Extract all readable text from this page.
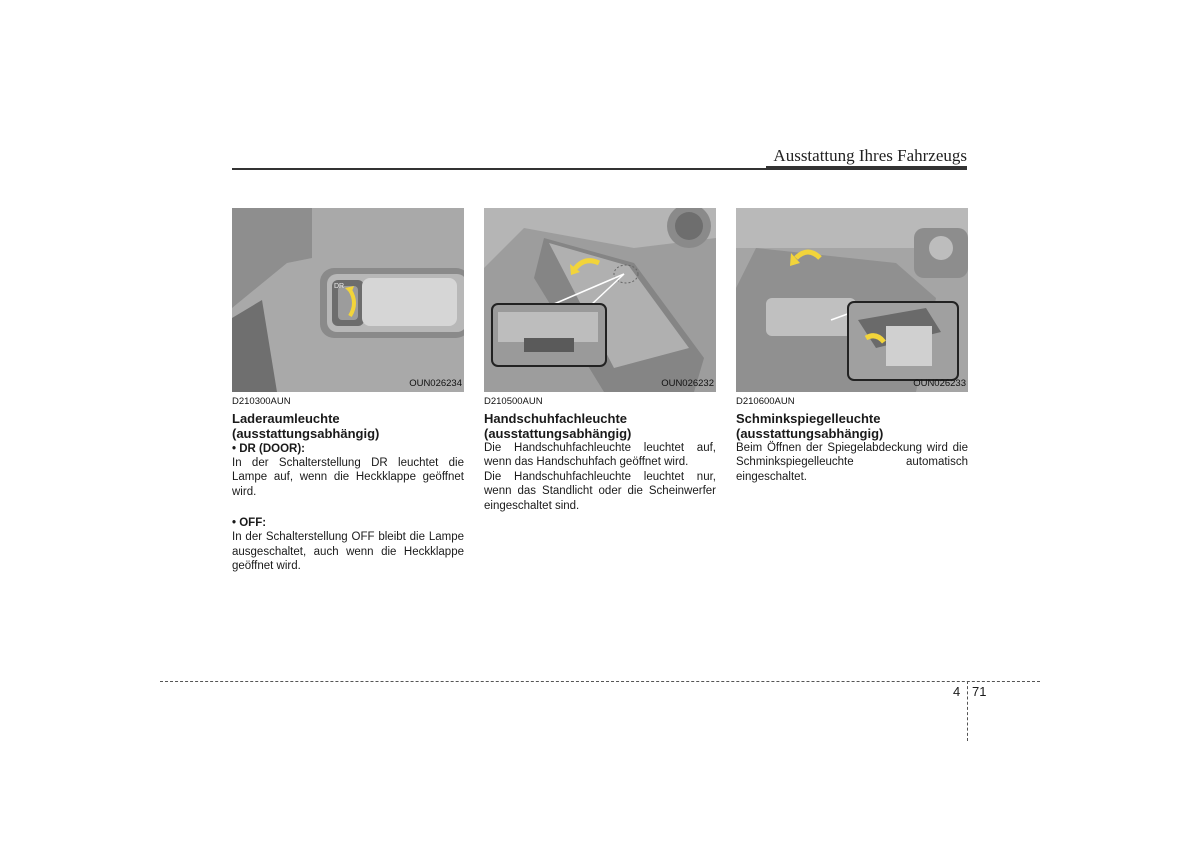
Ausstattung Ihres Fahrzeugs
DR
OUN026234
D210300AUN
Laderaumleuchte (ausstattungsabhängig)
• DR (DOOR):

In der Schalterstellung DR leuchtet die Lampe auf, wenn die Heckklappe geöffnet wird.

• OFF:

In der Schalterstellung OFF bleibt die Lampe ausgeschaltet, auch wenn die Heckklappe geöffnet wird.

OUN026232
D210500AUN
Handschuhfachleuchte (ausstattungsabhängig)

Die Handschuhfachleuchte leuchtet auf, wenn das Handschuhfach geöffnet wird.

Die Handschuhfachleuchte leuchtet nur, wenn das Standlicht oder die Scheinwerfer eingeschaltet sind.

OUN026233
D210600AUN
Schminkspiegelleuchte (ausstattungsabhängig)

Beim Öffnen der Spiegelabdeckung wird die Schminkspiegelleuchte automatisch eingeschaltet.

4 71
